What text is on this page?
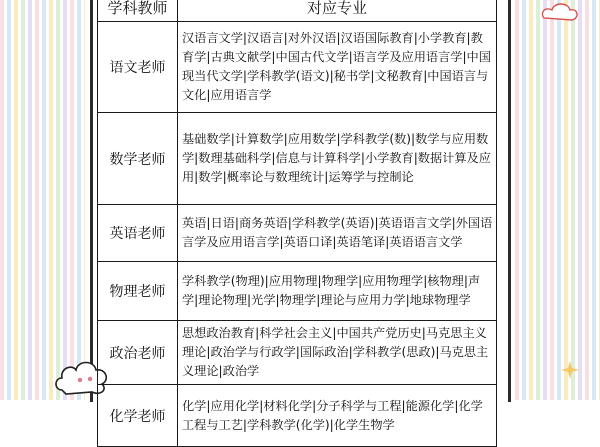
学科教师	对应专业
语文老师	汉语言文学|汉语言|对外汉语|汉语国际教育|小学教育|教育学|古典文献学|中国古代文学|语言学及应用语言学|中国现当代文学|学科教学(语文)|秘书学|文秘教育|中国语言与文化|应用语言学
数学老师	基础数学|计算数学|应用数学|学科教学(数)|数学与应用数学|数理基础科学|信息与计算科学|小学教育|数据计算及应用|数学|概率论与数理统计|运筹学与控制论
英语老师	英语|日语|商务英语|学科教学(英语)|英语语言文学|外国语言学及应用语言学|英语口译|英语笔译|英语语言文学
物理老师	学科教学(物理)|应用物理|物理学|应用物理学|核物理|声学|理论物理|光学|物理学|理论与应用力学|地球物理学
政治老师	思想政治教育|科学社会主义|中国共产党历史|马克思主义理论|政治学与行政学|国际政治|学科教学(思政)|马克思主义理论|政治学
化学老师	化学|应用化学|材料化学|分子科学与工程|能源化学|化学工程与工艺|学科教学(化学)|化学生物学
